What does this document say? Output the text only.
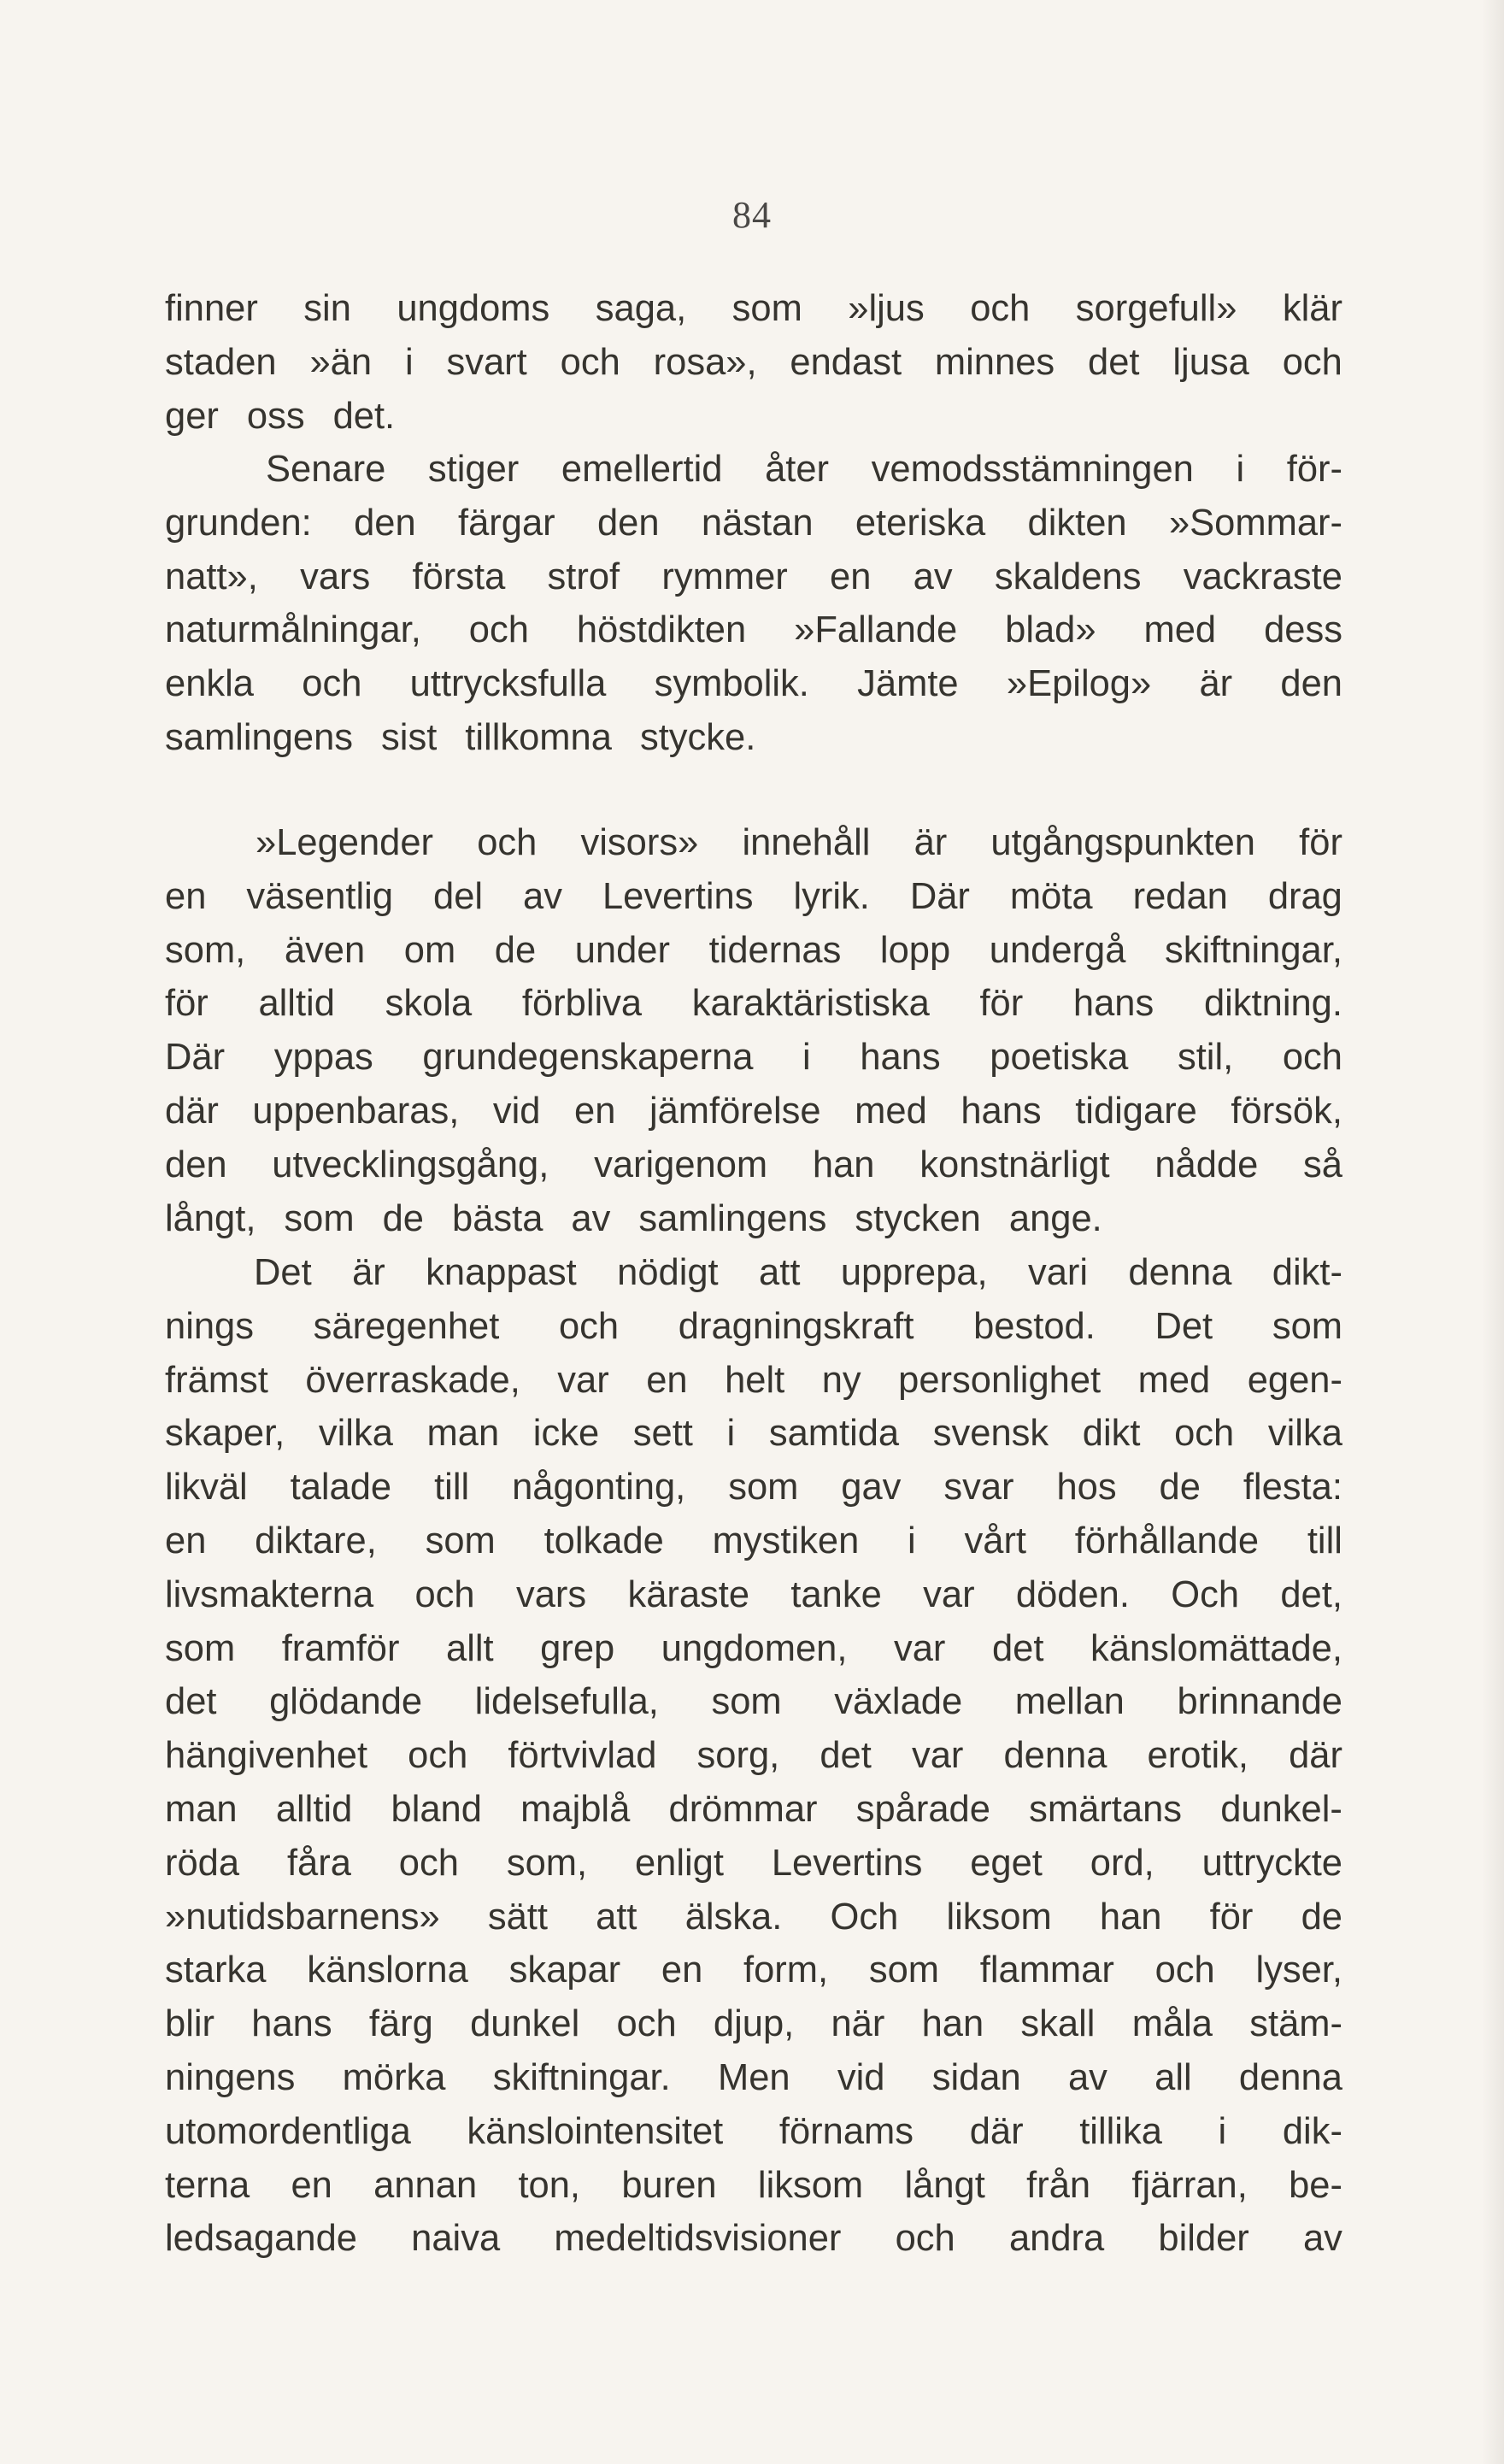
84
finner sin ungdoms saga, som »ljus och sorgefull» klär
staden »än i svart och rosa», endast minnes det ljusa och
ger oss det.
Senare stiger emellertid åter vemodsstämningen i för-
grunden: den färgar den nästan eteriska dikten »Sommar-
natt», vars första strof rymmer en av skaldens vackraste
naturmålningar, och höstdikten »Fallande blad» med dess
enkla och uttrycksfulla symbolik. Jämte »Epilog» är den
samlingens sist tillkomna stycke.
»Legender och visors» innehåll är utgångspunkten för
en väsentlig del av Levertins lyrik. Där möta redan drag
som, även om de under tidernas lopp undergå skiftningar,
för alltid skola förbliva karaktäristiska för hans diktning.
Där yppas grundegenskaperna i hans poetiska stil, och
där uppenbaras, vid en jämförelse med hans tidigare försök,
den utvecklingsgång, varigenom han konstnärligt nådde så
långt, som de bästa av samlingens stycken ange.
Det är knappast nödigt att upprepa, vari denna dikt-
nings säregenhet och dragningskraft bestod. Det som
främst överraskade, var en helt ny personlighet med egen-
skaper, vilka man icke sett i samtida svensk dikt och vilka
likväl talade till någonting, som gav svar hos de flesta:
en diktare, som tolkade mystiken i vårt förhållande till
livsmakterna och vars käraste tanke var döden. Och det,
som framför allt grep ungdomen, var det känslomättade,
det glödande lidelsefulla, som växlade mellan brinnande
hängivenhet och förtvivlad sorg, det var denna erotik, där
man alltid bland majblå drömmar spårade smärtans dunkel-
röda fåra och som, enligt Levertins eget ord, uttryckte
»nutidsbarnens» sätt att älska. Och liksom han för de
starka känslorna skapar en form, som flammar och lyser,
blir hans färg dunkel och djup, när han skall måla stäm-
ningens mörka skiftningar. Men vid sidan av all denna
utomordentliga känslointensitet förnams där tillika i dik-
terna en annan ton, buren liksom långt från fjärran, be-
ledsagande naiva medeltidsvisioner och andra bilder av
